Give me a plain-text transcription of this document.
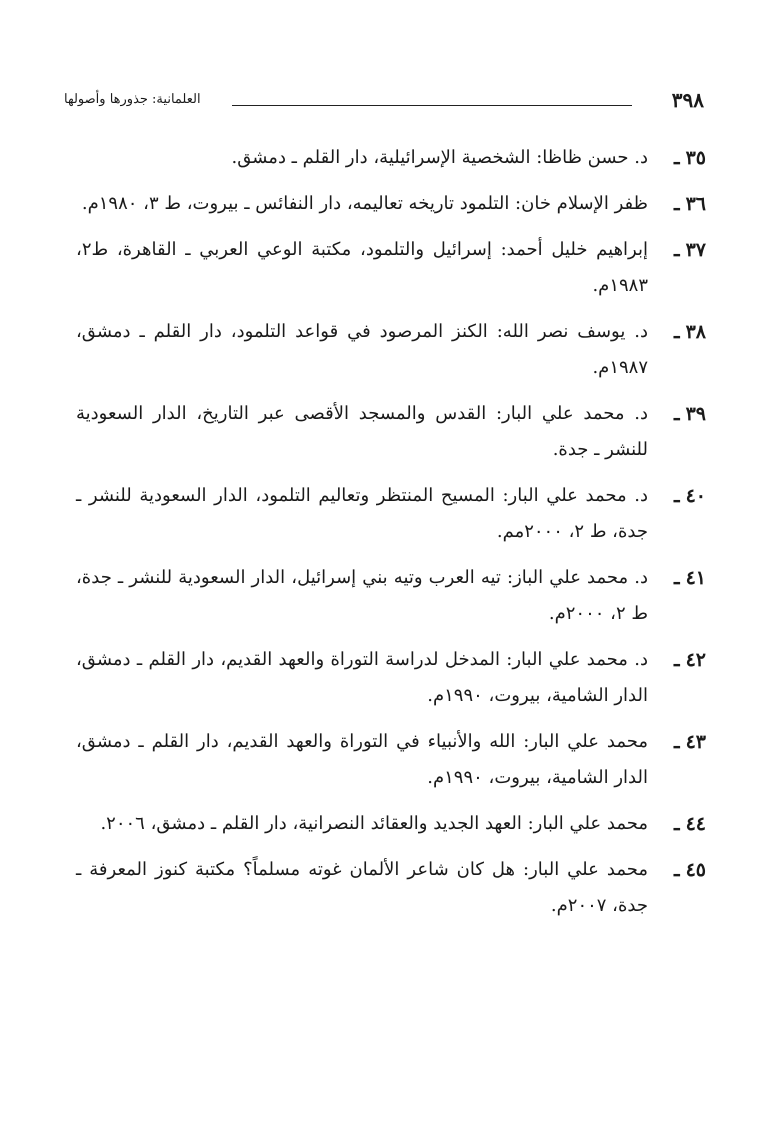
٣٩٨
العلمانية: جذورها وأصولها
٣٥ـ
د. حسن ظاظا: الشخصية الإسرائيلية، دار القلم ـ دمشق.
٣٦ـ
ظفر الإسلام خان: التلمود تاريخه تعاليمه، دار النفائس ـ بيروت، ط ٣، ١٩٨٠م.
٣٧ـ
إبراهيم خليل أحمد: إسرائيل والتلمود، مكتبة الوعي العربي ـ القاهرة، ط٢، ١٩٨٣م.
٣٨ـ
د. يوسف نصر الله: الكنز المرصود في قواعد التلمود، دار القلم ـ دمشق، ١٩٨٧م.
٣٩ـ
د. محمد علي البار: القدس والمسجد الأقصى عبر التاريخ، الدار السعودية للنشر ـ جدة.
٤٠ـ
د. محمد علي البار: المسيح المنتظر وتعاليم التلمود، الدار السعودية للنشر ـ جدة، ط ٢، ٢٠٠٠مم.
٤١ـ
د. محمد علي الباز: تيه العرب وتيه بني إسرائيل، الدار السعودية للنشر ـ جدة، ط ٢، ٢٠٠٠م.
٤٢ـ
د. محمد علي البار: المدخل لدراسة التوراة والعهد القديم، دار القلم ـ دمشق، الدار الشامية، بيروت، ١٩٩٠م.
٤٣ـ
محمد علي البار: الله والأنبياء في التوراة والعهد القديم، دار القلم ـ دمشق، الدار الشامية، بيروت، ١٩٩٠م.
٤٤ـ
محمد علي البار: العهد الجديد والعقائد النصرانية، دار القلم ـ دمشق، ٢٠٠٦.
٤٥ـ
محمد علي البار: هل كان شاعر الألمان غوته مسلماً؟ مكتبة كنوز المعرفة ـ جدة، ٢٠٠٧م.
